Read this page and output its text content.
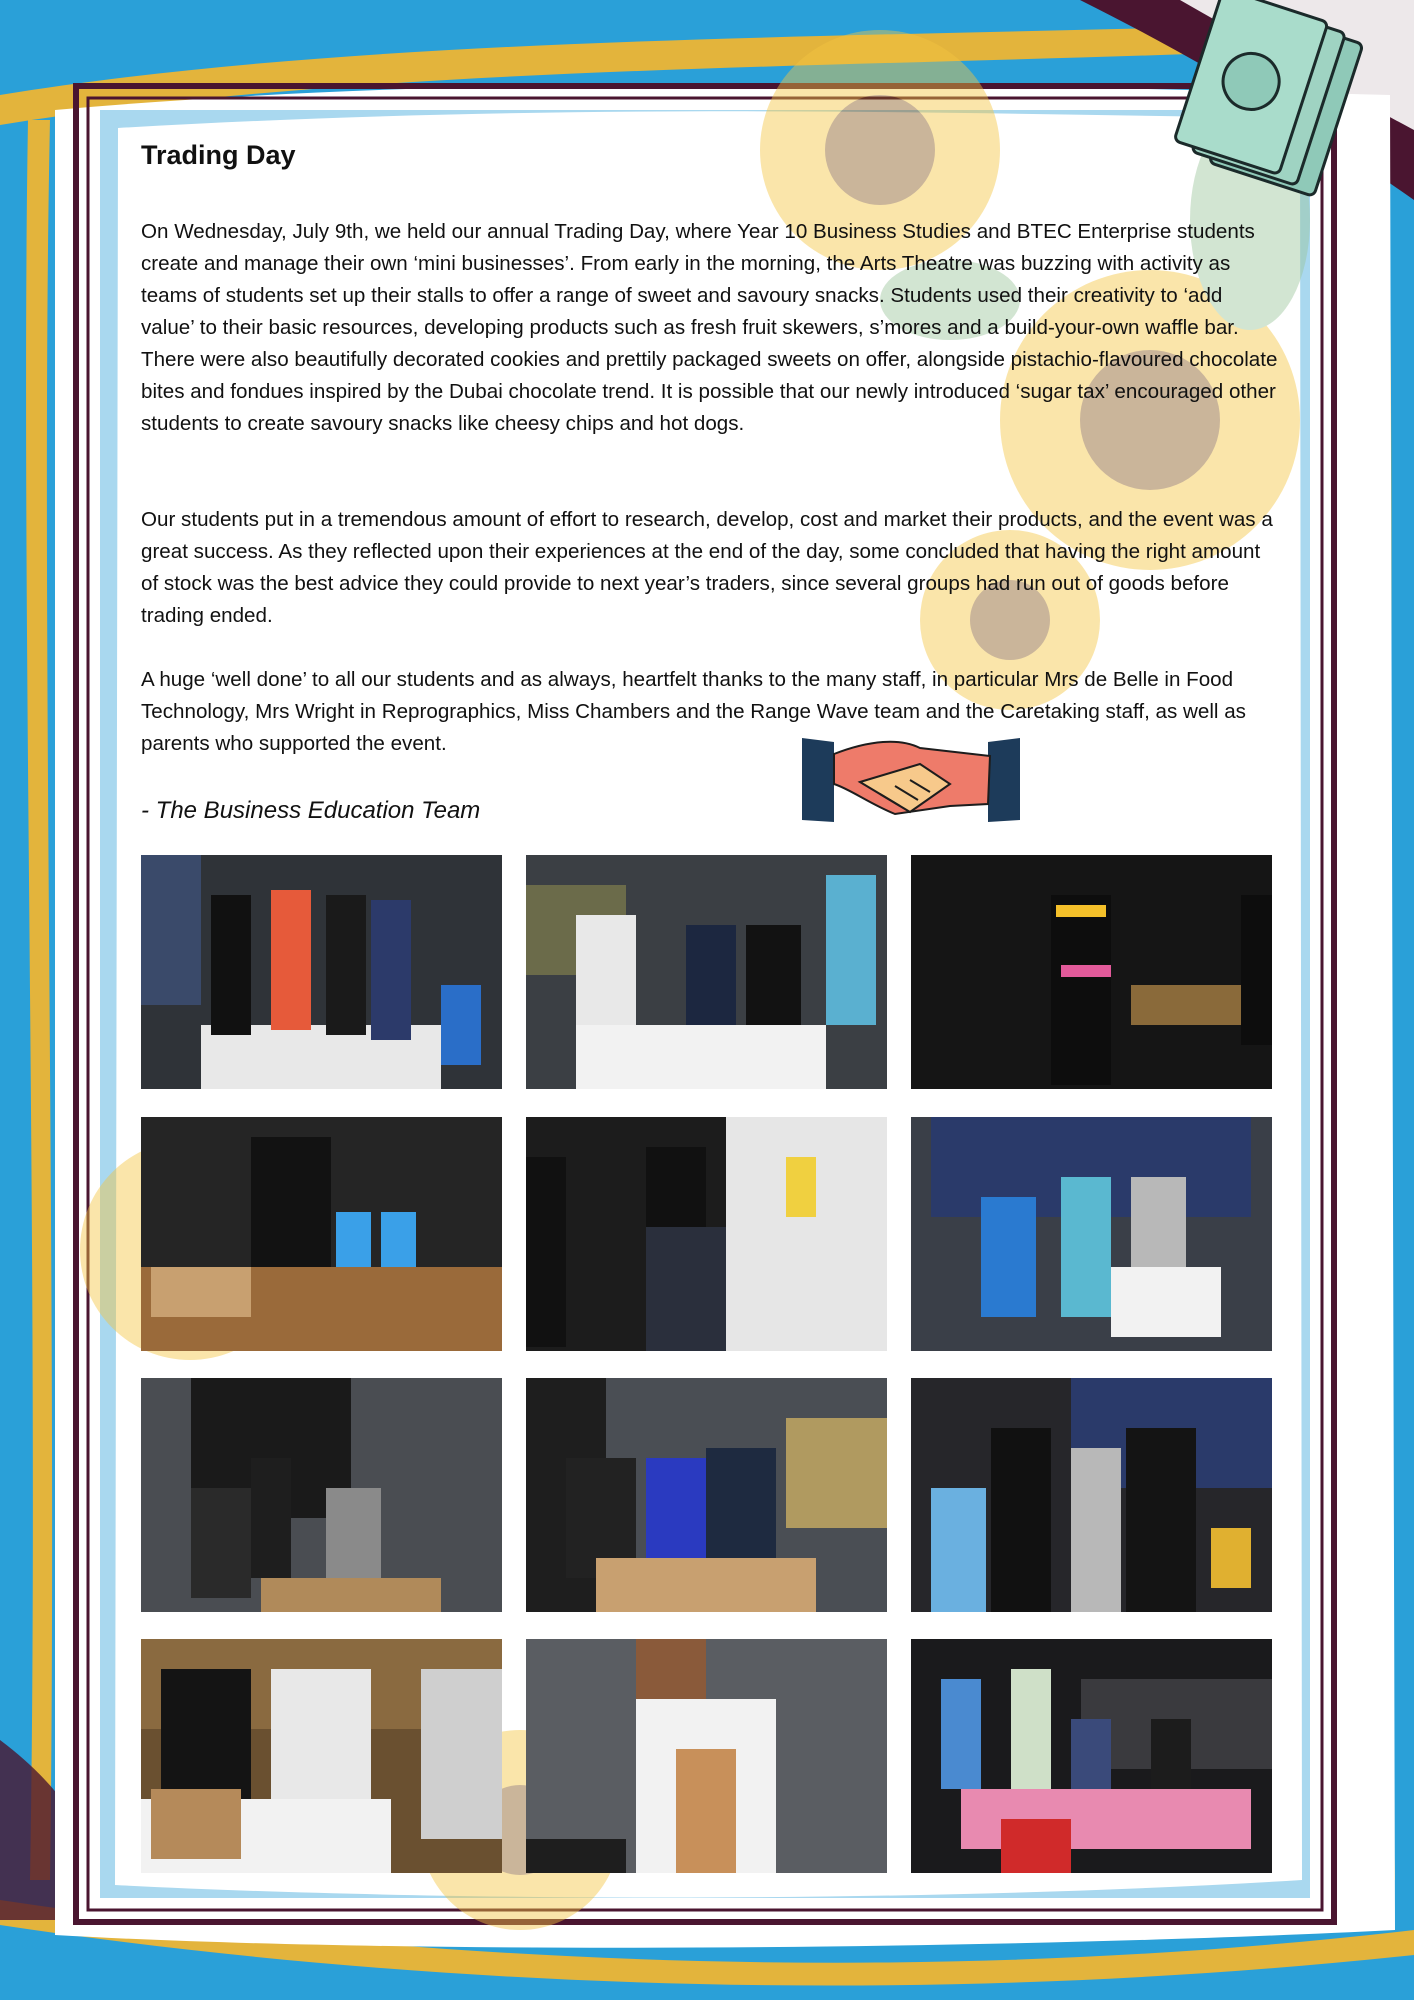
Trading Day

On Wednesday, July 9th, we held our annual Trading Day, where Year 10 Business Studies and BTEC Enterprise students create and manage their own ‘mini businesses’. From early in the morning, the Arts Theatre was buzzing with activity as teams of students set up their stalls to offer a range of sweet and savoury snacks. Students used their creativity to ‘add value’ to their basic resources, developing products such as fresh fruit skewers, s’mores and a build-your-own waffle bar. There were also beautifully decorated cookies and prettily packaged sweets on offer, alongside pistachio-flavoured chocolate bites and fondues inspired by the Dubai chocolate trend. It is possible that our newly introduced ‘sugar tax’ encouraged other students to create savoury snacks like cheesy chips and hot dogs.

Our students put in a tremendous amount of effort to research, develop, cost and market their products, and the event was a great success. As they reflected upon their experiences at the end of the day, some concluded that having the right amount of stock was the best advice they could provide to next year’s traders, since several groups had run out of goods before trading ended.

A huge ‘well done’ to all our students and as always, heartfelt thanks to the many staff, in particular Mrs de Belle in Food Technology, Mrs Wright in Reprographics, Miss Chambers and the Range Wave team and the Caretaking staff, as well as parents who supported the event.

- The Business Education Team
